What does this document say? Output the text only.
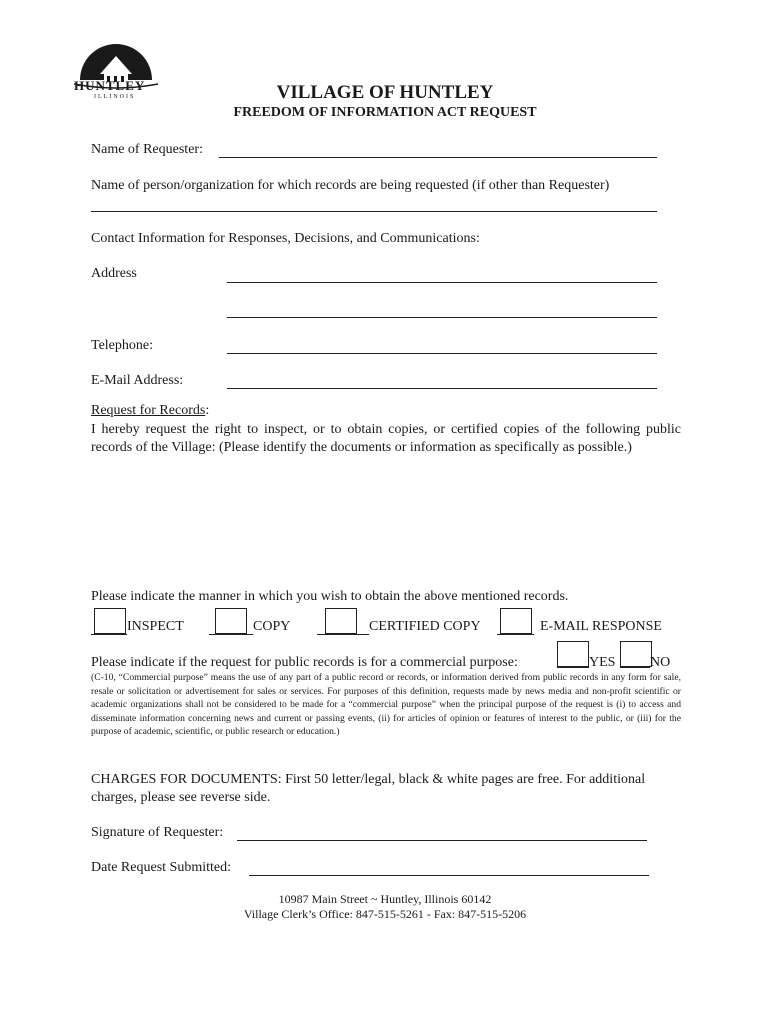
HUNTLEY
ILLINOIS	VILLAGE OF HUNTLEY
FREEDOM OF INFORMATION ACT REQUEST
Name of Requester:
Name of person/organization for which records are being requested (if other than Requester)
Contact Information for Responses, Decisions, and Communications:
Address
Telephone:
E-Mail Address:
Request for Records:
I hereby request the right to inspect, or to obtain copies, or certified copies of the following public records of the Village: (Please identify the documents or information as specifically as possible.)
Please indicate the manner in which you wish to obtain the above mentioned records.
INSPECT	COPY	CERTIFIED COPY	E-MAIL RESPONSE
Please indicate if the request for public records is for a commercial purpose:	YES NO
(C-10, “Commercial purpose” means the use of any part of a public record or records, or information derived from public records in any form for sale, resale or solicitation or advertisement for sales or services. For purposes of this definition, requests made by news media and non-profit scientific or academic organizations shall not be considered to be made for a “commercial purpose” when the principal purpose of the request is (i) to access and disseminate information concerning news and current or passing events, (ii) for articles of opinion or features of interest to the public, or (iii) for the purpose of academic, scientific, or public research or education.)
CHARGES FOR DOCUMENTS: First 50 letter/legal, black & white pages are free. For additional charges, please see reverse side.
Signature of Requester:
Date Request Submitted:
10987 Main Street ~ Huntley, Illinois 60142
Village Clerk’s Office: 847-515-5261 - Fax: 847-515-5206
